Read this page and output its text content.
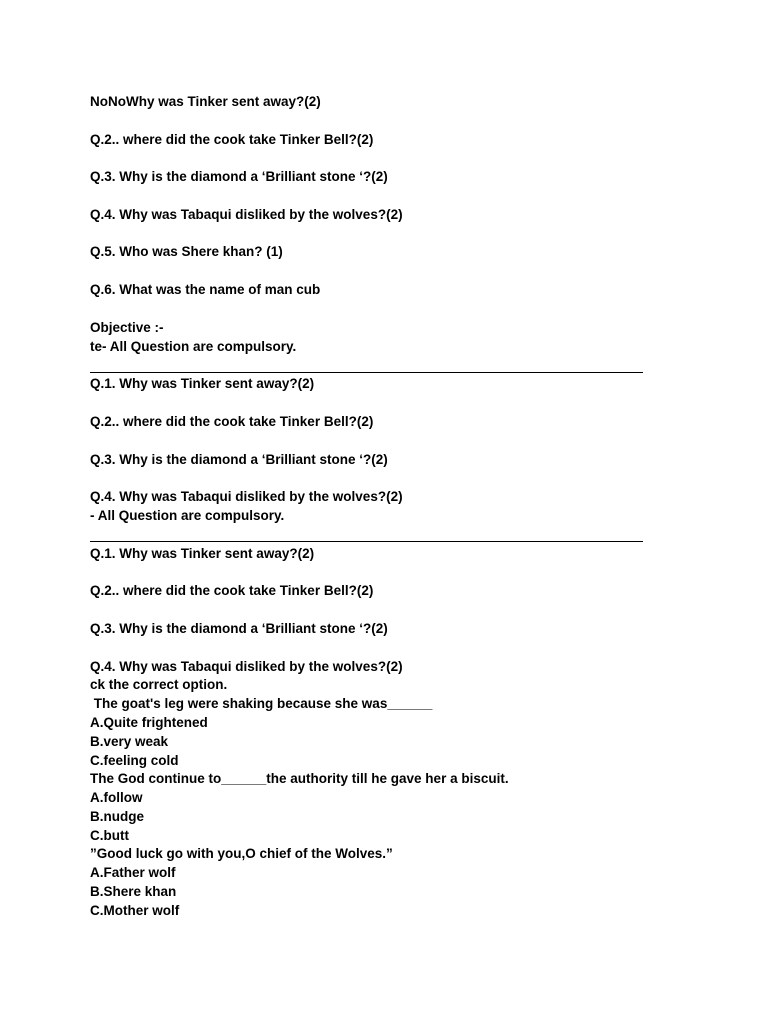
NoNoWhy was Tinker sent away?(2)
Q.2.. where did the cook take Tinker Bell?(2)
Q.3. Why is the diamond a ‘Brilliant stone ‘?(2)
Q.4. Why was Tabaqui disliked by the wolves?(2)
Q.5. Who was Shere khan? (1)
Q.6. What was the name of man cub
Objective :-
te- All Question are compulsory.
Q.1. Why was Tinker sent away?(2)
Q.2.. where did the cook take Tinker Bell?(2)
Q.3. Why is the diamond a ‘Brilliant stone ‘?(2)
Q.4. Why was Tabaqui disliked by the wolves?(2)
- All Question are compulsory.
Q.1. Why was Tinker sent away?(2)
Q.2.. where did the cook take Tinker Bell?(2)
Q.3. Why is the diamond a ‘Brilliant stone ‘?(2)
Q.4. Why was Tabaqui disliked by the wolves?(2)
ck the correct option.
The goat's leg were shaking because she was______
A.Quite frightened
B.very weak
C.feeling cold
The God continue to______the authority till he gave her a biscuit.
A.follow
B.nudge
C.butt
”Good luck go with you,O chief of the Wolves.”
A.Father wolf
B.Shere khan
C.Mother wolf
